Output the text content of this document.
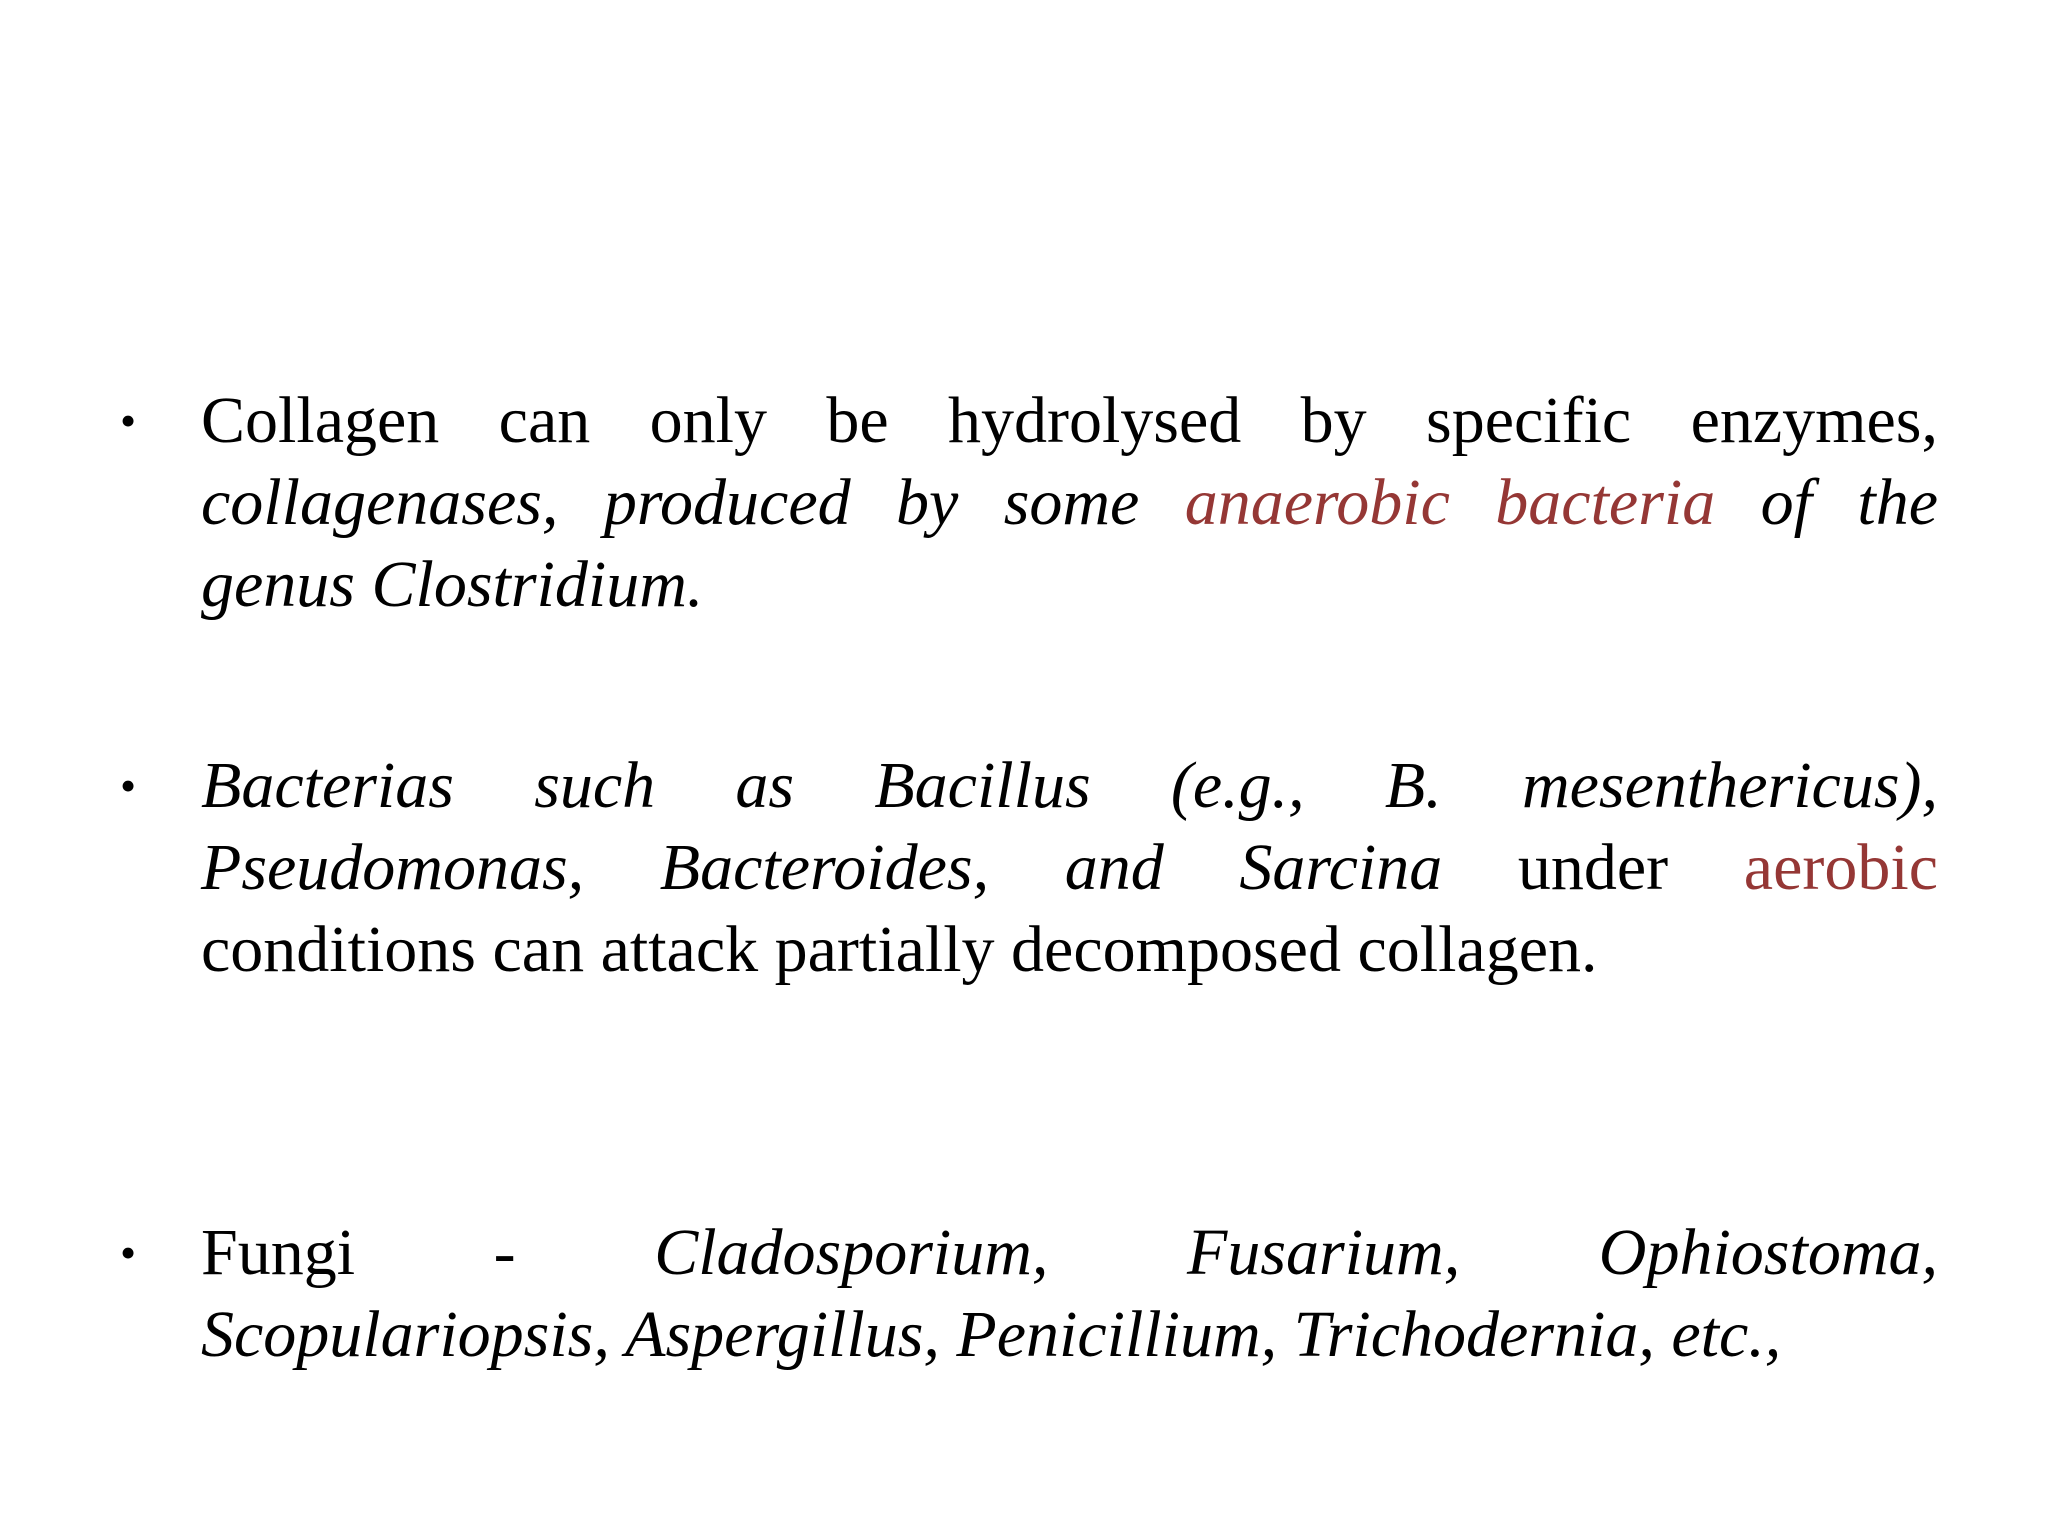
• Collagen can only be hydrolysed by specific enzymes,
collagenases, produced by some anaerobic bacteria of the
genus Clostridium.
• Bacterias such as Bacillus (e.g., B. mesenthericus),
Pseudomonas, Bacteroides, and Sarcina under aerobic
conditions can attack partially decomposed collagen.
• Fungi - Cladosporium, Fusarium, Ophiostoma,
Scopulariopsis, Aspergillus, Penicillium, Trichodernia, etc.,
